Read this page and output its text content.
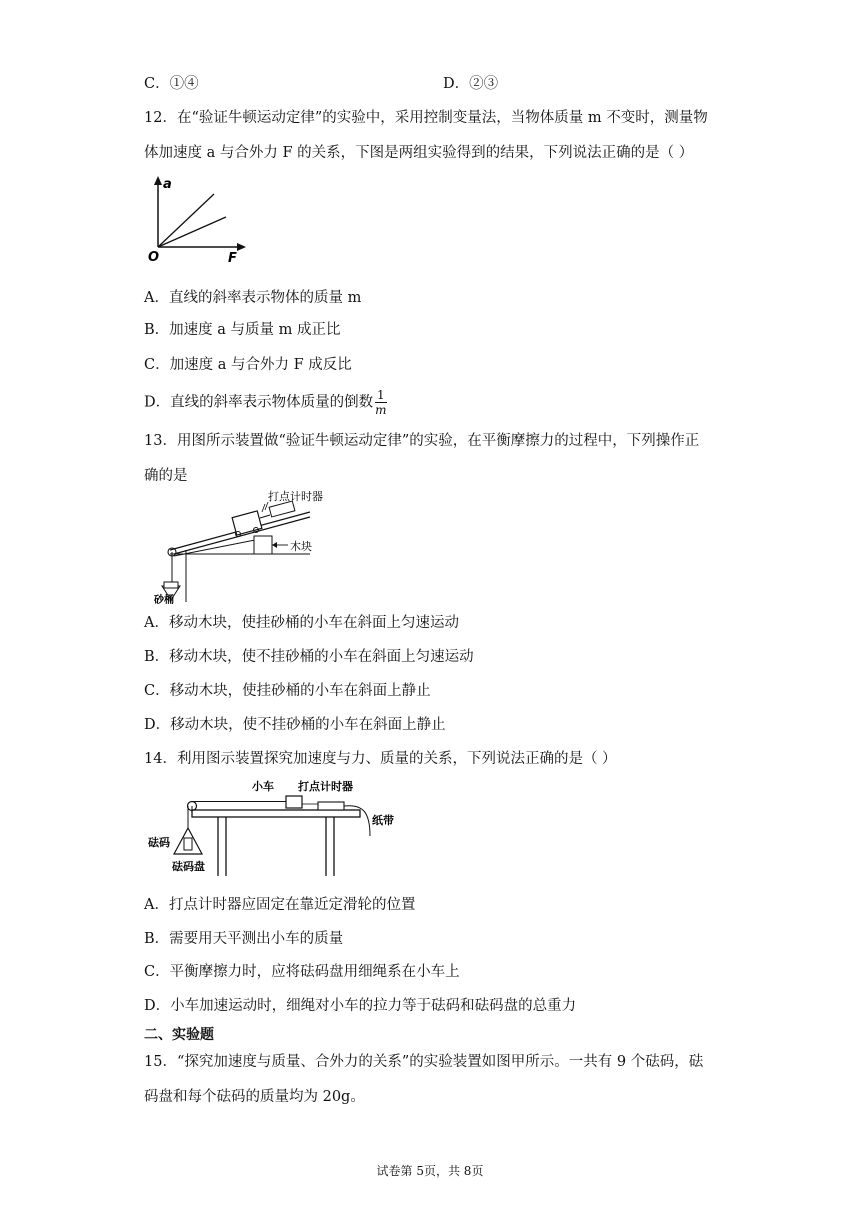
C．①④	D．②③
12．在“验证牛顿运动定律”的实验中，采用控制变量法，当物体质量 m 不变时，测量物
体加速度 a 与合外力 F 的关系，下图是两组实验得到的结果，下列说法正确的是（ ）
a
O	F
A．直线的斜率表示物体的质量 m
B．加速度 a 与质量 m 成正比
C．加速度 a 与合外力 F 成反比
D．直线的斜率表示物体质量的倒数 $\frac{1}{m}$
13．用图所示装置做“验证牛顿运动定律”的实验，在平衡摩擦力的过程中，下列操作正
确的是
打点计时器
木块
砂桶
A．移动木块，使挂砂桶的小车在斜面上匀速运动
B．移动木块，使不挂砂桶的小车在斜面上匀速运动
C．移动木块，使挂砂桶的小车在斜面上静止
D．移动木块，使不挂砂桶的小车在斜面上静止
14．利用图示装置探究加速度与力、质量的关系，下列说法正确的是（ ）
小车 打点计时器
砝码
砝码盘
纸带
A．打点计时器应固定在靠近定滑轮的位置
B．需要用天平测出小车的质量
C．平衡摩擦力时，应将砝码盘用细绳系在小车上
D．小车加速运动时，细绳对小车的拉力等于砝码和砝码盘的总重力
二、实验题
15．“探究加速度与质量、合外力的关系”的实验装置如图甲所示。一共有 9 个砝码，砝
码盘和每个砝码的质量均为 20g。
试卷第 5页，共 8页
